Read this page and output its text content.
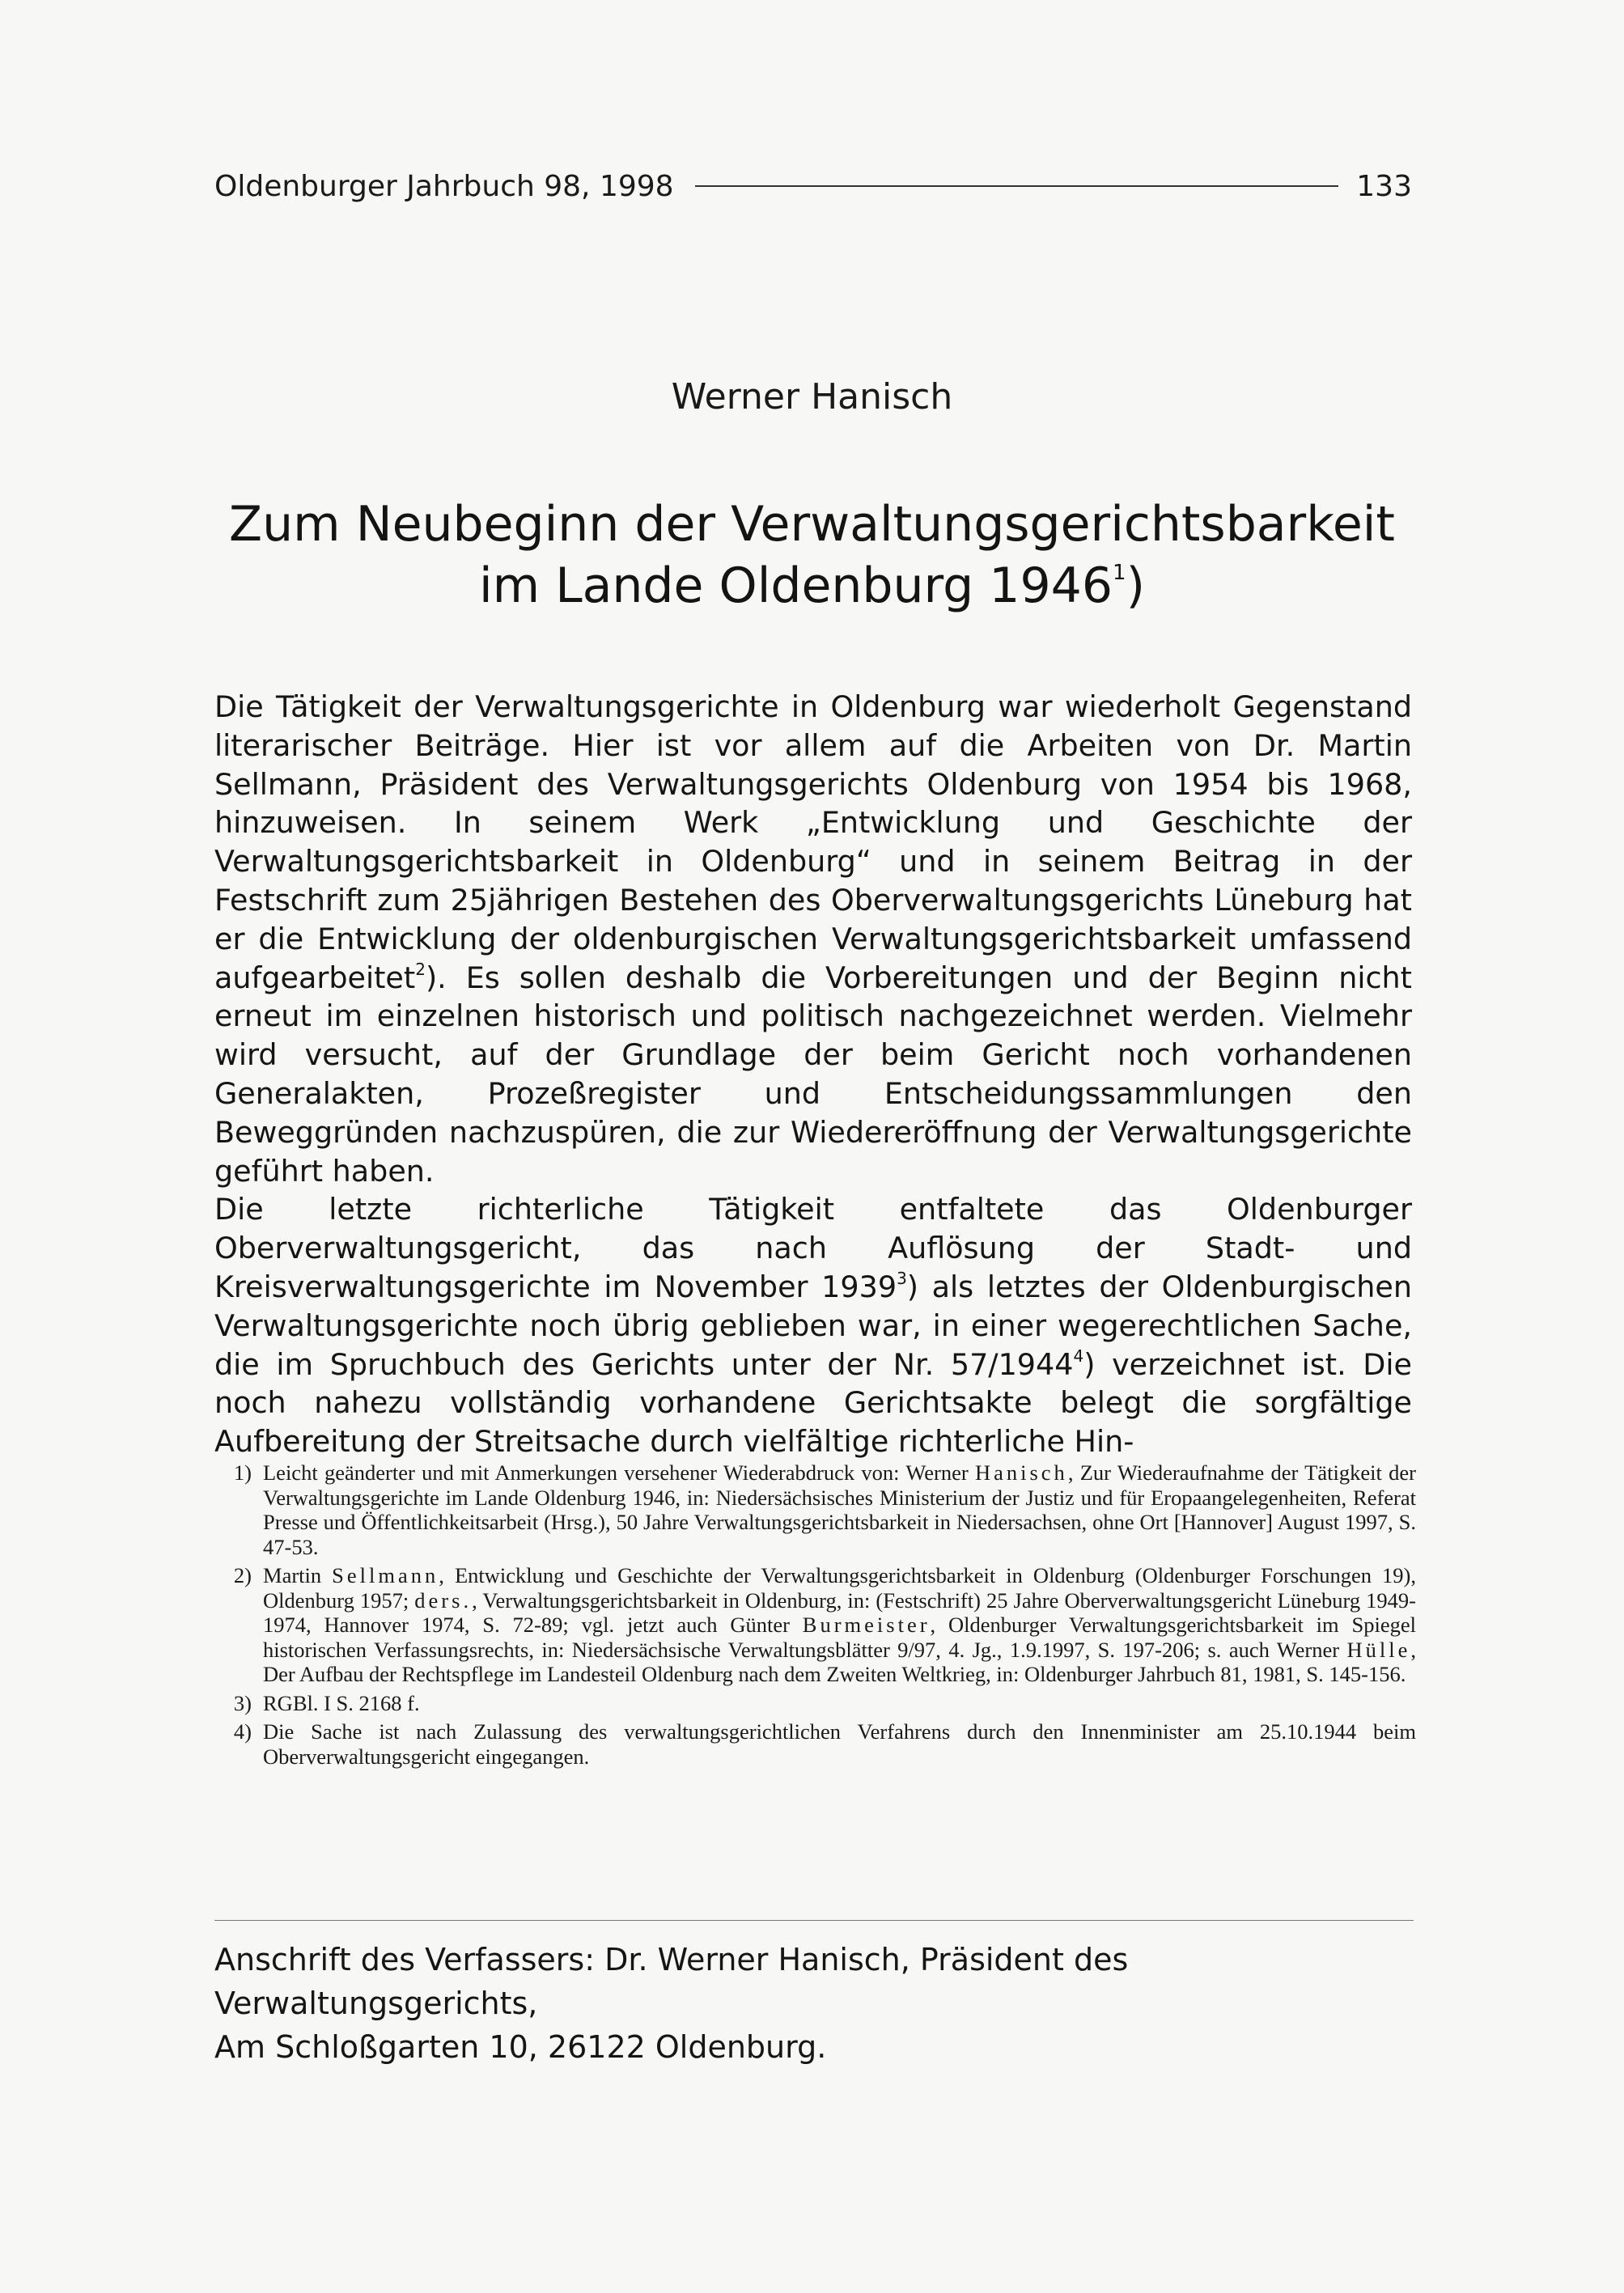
Oldenburger Jahrbuch 98, 1998	133
Werner Hanisch
Zum Neubeginn der Verwaltungsgerichtsbarkeit
im Lande Oldenburg 1946$^1$)

Die Tätigkeit der Verwaltungsgerichte in Oldenburg war wiederholt Gegenstand literarischer Beiträge. Hier ist vor allem auf die Arbeiten von Dr. Martin Sellmann, Präsident des Verwaltungsgerichts Oldenburg von 1954 bis 1968, hinzuweisen. In seinem Werk „Entwicklung und Geschichte der Verwaltungsgerichtsbarkeit in Oldenburg“ und in seinem Beitrag in der Festschrift zum 25jährigen Bestehen des Oberverwaltungsgerichts Lüneburg hat er die Entwicklung der oldenburgischen Verwaltungsgerichtsbarkeit umfassend aufgearbeitet$^2$). Es sollen deshalb die Vorbereitungen und der Beginn nicht erneut im einzelnen historisch und politisch nachgezeichnet werden. Vielmehr wird versucht, auf der Grundlage der beim Gericht noch vorhandenen Generalakten, Prozeßregister und Entscheidungssammlungen den Beweggründen nachzuspüren, die zur Wiedereröffnung der Verwaltungsgerichte geführt haben.

Die letzte richterliche Tätigkeit entfaltete das Oldenburger Oberverwaltungsgericht, das nach Auflösung der Stadt- und Kreisverwaltungsgerichte im November 1939$^3$) als letztes der Oldenburgischen Verwaltungsgerichte noch übrig geblieben war, in einer wegerechtlichen Sache, die im Spruchbuch des Gerichts unter der Nr. 57/1944$^4$) verzeichnet ist. Die noch nahezu vollständig vorhandene Gerichtsakte belegt die sorgfältige Aufbereitung der Streitsache durch vielfältige richterliche Hin-

1) Leicht geänderter und mit Anmerkungen versehener Wiederabdruck von: Werner Hanisch, Zur Wiederaufnahme der Tätigkeit der Verwaltungsgerichte im Lande Oldenburg 1946, in: Niedersächsisches Ministerium der Justiz und für Eropaangelegenheiten, Referat Presse und Öffentlichkeitsarbeit (Hrsg.), 50 Jahre Verwaltungsgerichtsbarkeit in Niedersachsen, ohne Ort [Hannover] August 1997, S. 47-53.
2) Martin Sellmann, Entwicklung und Geschichte der Verwaltungsgerichtsbarkeit in Oldenburg (Oldenburger Forschungen 19), Oldenburg 1957; ders., Verwaltungsgerichtsbarkeit in Oldenburg, in: (Festschrift) 25 Jahre Oberverwaltungsgericht Lüneburg 1949-1974, Hannover 1974, S. 72-89; vgl. jetzt auch Günter Burmeister, Oldenburger Verwaltungsgerichtsbarkeit im Spiegel historischen Verfassungsrechts, in: Niedersächsische Verwaltungsblätter 9/97, 4. Jg., 1.9.1997, S. 197-206; s. auch Werner Hülle, Der Aufbau der Rechtspflege im Landesteil Oldenburg nach dem Zweiten Weltkrieg, in: Oldenburger Jahrbuch 81, 1981, S. 145-156.
3) RGBl. I S. 2168 f.
4) Die Sache ist nach Zulassung des verwaltungsgerichtlichen Verfahrens durch den Innenminister am 25.10.1944 beim Oberverwaltungsgericht eingegangen.
Anschrift des Verfassers: Dr. Werner Hanisch, Präsident des Verwaltungsgerichts,
Am Schloßgarten 10, 26122 Oldenburg.
